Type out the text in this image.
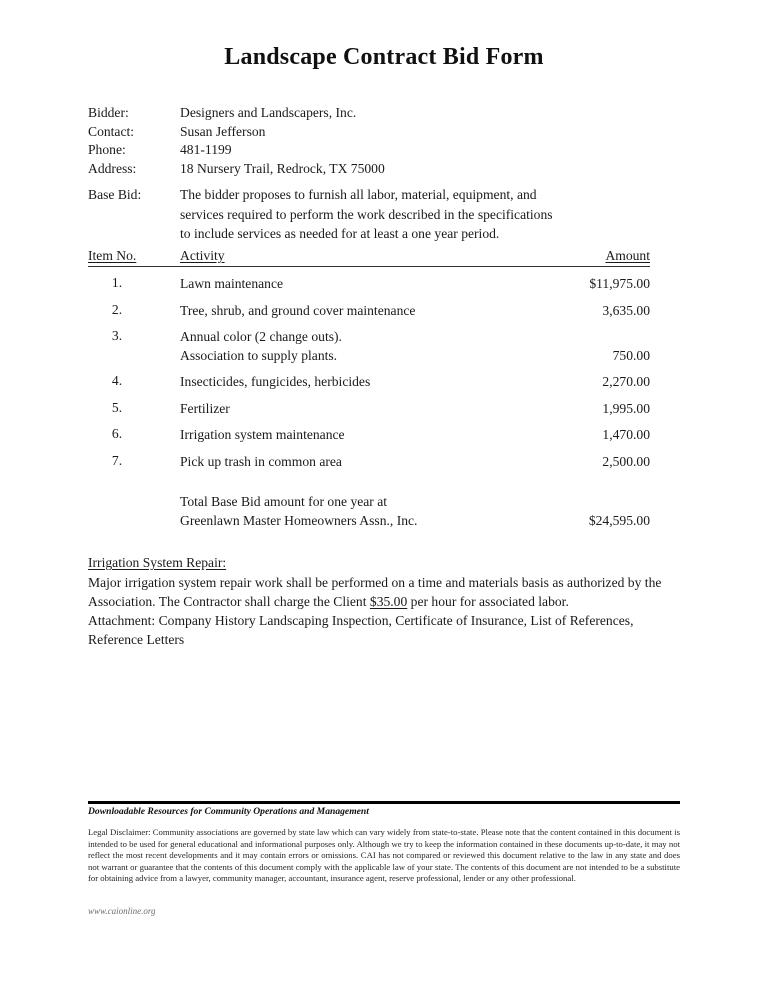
Landscape Contract Bid Form
Bidder:	Designers and Landscapers, Inc.
Contact:	Susan Jefferson
Phone:	481-1199
Address:	18 Nursery Trail, Redrock, TX 75000
Base Bid:	The bidder proposes to furnish all labor, material, equipment, and
services required to perform the work described in the specifications
to include services as needed for at least a one year period.
Item No.	Activity	Amount
1.	Lawn maintenance	$11,975.00
2.	Tree, shrub, and ground cover maintenance	3,635.00
3.	Annual color (2 change outs).
Association to supply plants.	750.00
4.	Insecticides, fungicides, herbicides	2,270.00
5.	Fertilizer	1,995.00
6.	Irrigation system maintenance	1,470.00
7.	Pick up trash in common area	2,500.00
Total Base Bid amount for one year at
Greenlawn Master Homeowners Assn., Inc.	$24,595.00
Irrigation System Repair:
Major irrigation system repair work shall be performed on a time and materials basis as authorized by the
Association. The Contractor shall charge the Client $35.00 per hour for associated labor.
Attachment: Company History Landscaping Inspection, Certificate of Insurance, List of References,
Reference Letters
Downloadable Resources for Community Operations and Management
Legal Disclaimer: Community associations are governed by state law which can vary widely from state-to-state. Please note that the content contained in this document is intended to be used for general educational and informational purposes only. Although we try to keep the information contained in these documents up-to-date, it may not reflect the most recent developments and it may contain errors or omissions. CAI has not compared or reviewed this document relative to the law in any state and does not warrant or guarantee that the contents of this document comply with the applicable law of your state. The contents of this document are not intended to be a substitute for obtaining advice from a lawyer, community manager, accountant, insurance agent, reserve professional, lender or any other professional.
www.caionline.org
